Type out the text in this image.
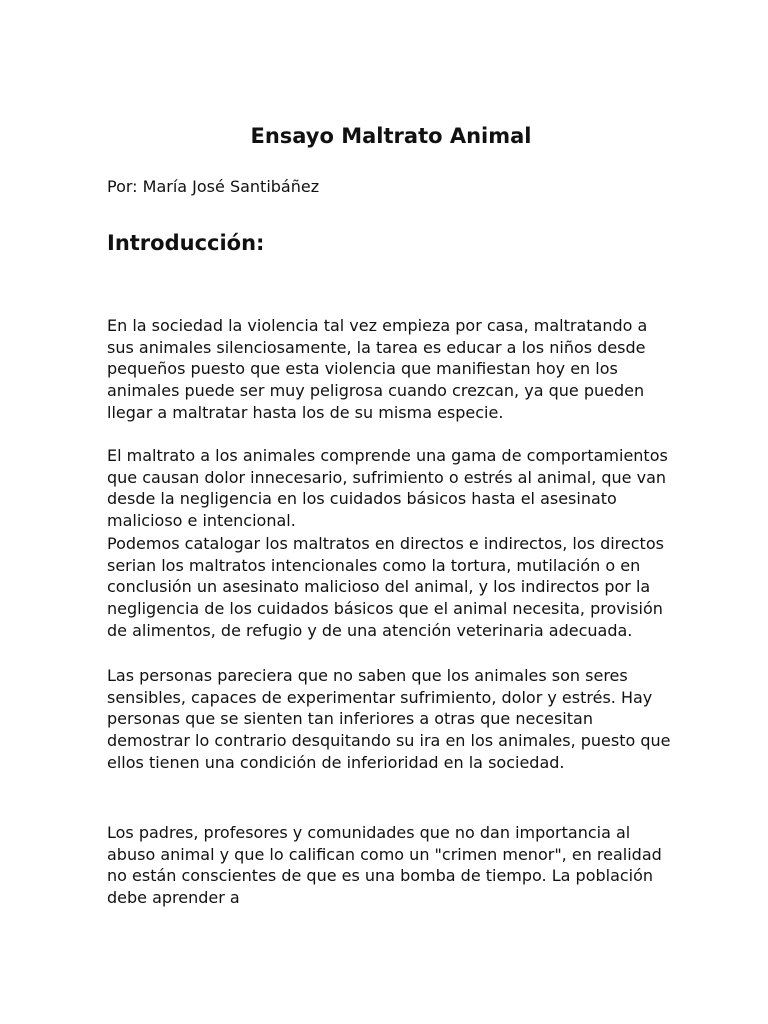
Ensayo Maltrato Animal

Por: María José Santibáñez

Introducción:

En la sociedad la violencia tal vez empieza por casa, maltratando a sus animales silenciosamente, la tarea es educar a los niños desde pequeños puesto que esta violencia que manifiestan hoy en los animales puede ser muy peligrosa cuando crezcan, ya que pueden llegar a maltratar hasta los de su misma especie.

El maltrato a los animales comprende una gama de comportamientos que causan dolor innecesario, sufrimiento o estrés al animal, que van desde la negligencia en los cuidados básicos hasta el asesinato malicioso e intencional.

Podemos catalogar los maltratos en directos e indirectos, los directos serian los maltratos intencionales como la tortura, mutilación o en conclusión un asesinato malicioso del animal, y los indirectos por la negligencia de los cuidados básicos que el animal necesita, provisión de alimentos, de refugio y de una atención veterinaria adecuada.

Las personas pareciera que no saben que los animales son seres sensibles, capaces de experimentar sufrimiento, dolor y estrés. Hay personas que se sienten tan inferiores a otras que necesitan demostrar lo contrario desquitando su ira en los animales, puesto que ellos tienen una condición de inferioridad en la sociedad.

Los padres, profesores y comunidades que no dan importancia al abuso animal y que lo califican como un "crimen menor", en realidad no están conscientes de que es una bomba de tiempo. La población debe aprender a
